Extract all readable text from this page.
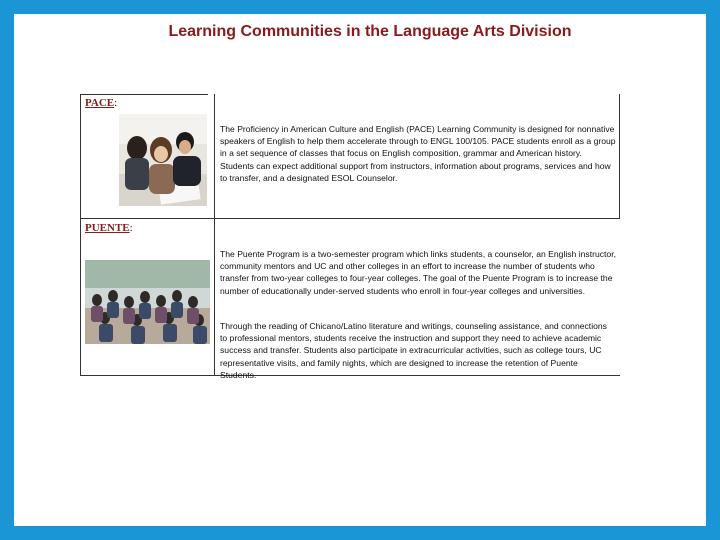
Learning Communities in the Language Arts Division
PACE:
The Proficiency in American Culture and English (PACE) Learning Community is designed for nonnative speakers of English to help them accelerate through to ENGL 100/105. PACE students enroll as a group in a set sequence of classes that focus on English composition, grammar and American history. Students can expect additional support from instructors, information about programs, services and how to transfer, and a designated ESOL Counselor.
PUENTE:
The Puente Program is a two-semester program which links students, a counselor, an English instructor, community mentors and UC and other colleges in an effort to increase the number of students who transfer from two-year colleges to four-year colleges. The goal of the Puente Program is to increase the number of educationally under-served students who enroll in four-year colleges and universities.
Through the reading of Chicano/Latino literature and writings, counseling assistance, and connections to professional mentors, students receive the instruction and support they need to achieve academic success and transfer. Students also participate in extracurricular activities, such as college tours, UC representative visits, and family nights, which are designed to increase the retention of Puente Students.
